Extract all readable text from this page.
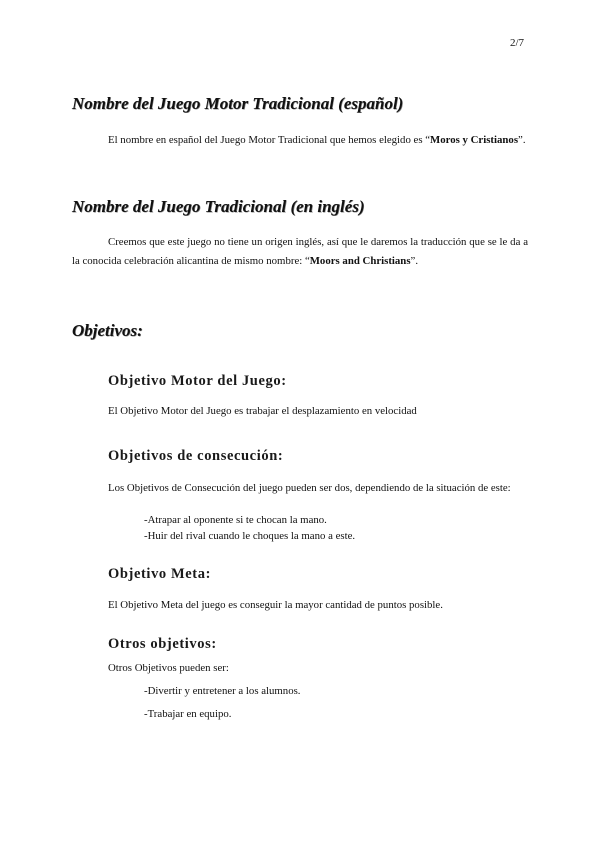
2/7
Nombre del Juego Motor Tradicional (español)

El nombre en español del Juego Motor Tradicional que hemos elegido es “Moros y Cristianos”.

Nombre del Juego Tradicional (en inglés)

Creemos que este juego no tiene un origen inglés, así que le daremos la traducción que se le da a la conocida celebración alicantina de mismo nombre: “Moors and Christians”.

Objetivos:
Objetivo Motor del Juego:

El Objetivo Motor del Juego es trabajar el desplazamiento en velocidad

Objetivos de consecución:

Los Objetivos de Consecución del juego pueden ser dos, dependiendo de la situación de este:

-Atrapar al oponente si te chocan la mano.

-Huir del rival cuando le choques la mano a este.

Objetivo Meta:

El Objetivo Meta del juego es conseguir la mayor cantidad de puntos posible.

Otros objetivos:

Otros Objetivos pueden ser:

-Divertir y entretener a los alumnos.

-Trabajar en equipo.
